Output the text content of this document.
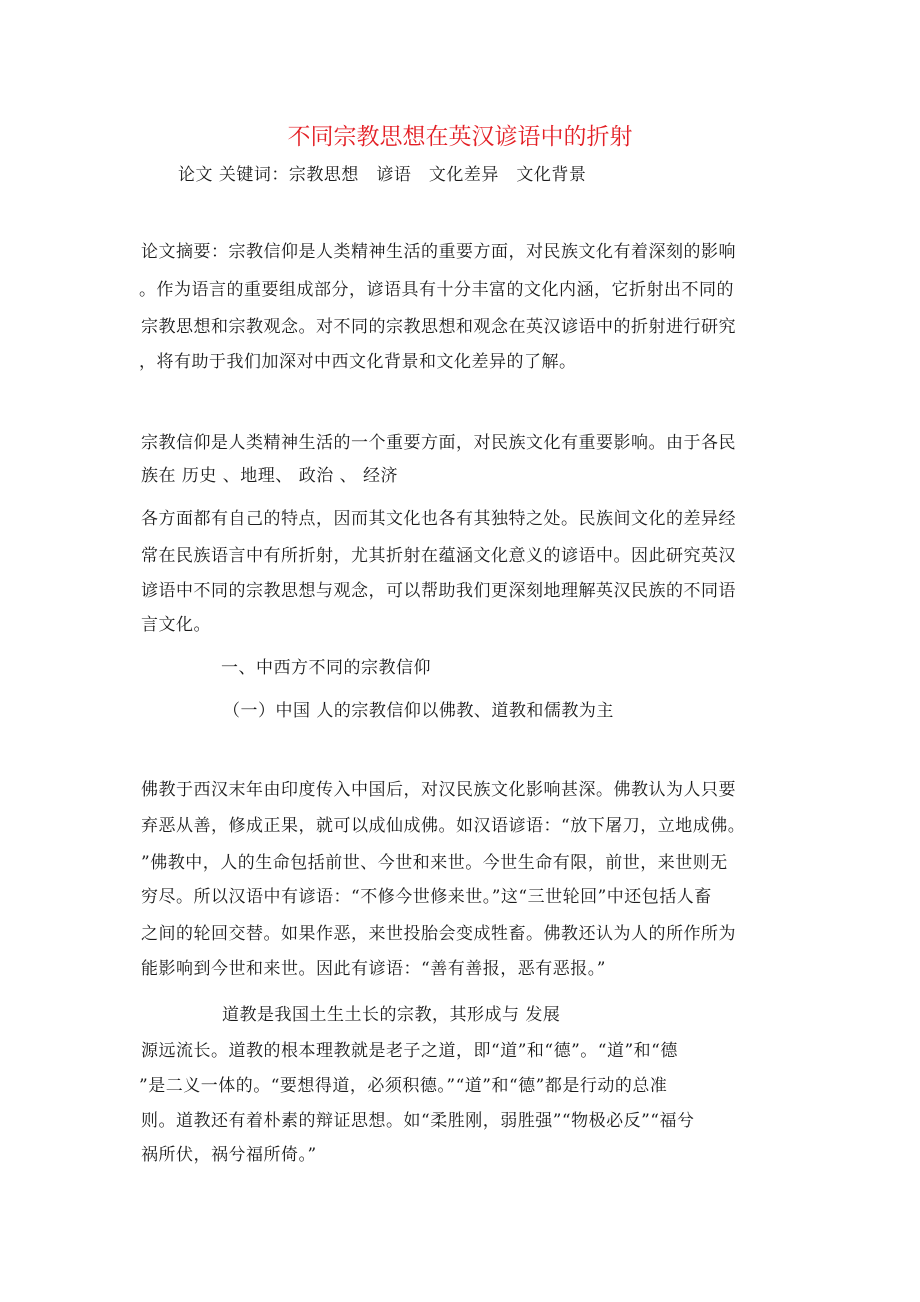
不同宗教思想在英汉谚语中的折射
论文 关键词：宗教思想　谚语　文化差异　文化背景
论文摘要：宗教信仰是人类精神生活的重要方面，对民族文化有着深刻的影响
。作为语言的重要组成部分，谚语具有十分丰富的文化内涵，它折射出不同的
宗教思想和宗教观念。对不同的宗教思想和观念在英汉谚语中的折射进行研究
，将有助于我们加深对中西文化背景和文化差异的了解。
宗教信仰是人类精神生活的一个重要方面，对民族文化有重要影响。由于各民
族在 历史 、地理、 政治 、 经济
各方面都有自己的特点，因而其文化也各有其独特之处。民族间文化的差异经
常在民族语言中有所折射，尤其折射在蕴涵文化意义的谚语中。因此研究英汉
谚语中不同的宗教思想与观念，可以帮助我们更深刻地理解英汉民族的不同语
言文化。
一、中西方不同的宗教信仰
（一）中国 人的宗教信仰以佛教、道教和儒教为主
佛教于西汉末年由印度传入中国后，对汉民族文化影响甚深。佛教认为人只要
弃恶从善，修成正果，就可以成仙成佛。如汉语谚语：“放下屠刀，立地成佛。
”佛教中，人的生命包括前世、今世和来世。今世生命有限，前世，来世则无
穷尽。所以汉语中有谚语：“不修今世修来世。”这“三世轮回”中还包括人畜
之间的轮回交替。如果作恶，来世投胎会变成牲畜。佛教还认为人的所作所为
能影响到今世和来世。因此有谚语：“善有善报，恶有恶报。”
道教是我国土生土长的宗教，其形成与 发展
源远流长。道教的根本理教就是老子之道，即“道”和“德”。“道”和“德
”是二义一体的。“要想得道，必须积德。”“道”和“德”都是行动的总准
则。道教还有着朴素的辩证思想。如“柔胜刚，弱胜强”“物极必反”“福兮
祸所伏，祸兮福所倚。”
